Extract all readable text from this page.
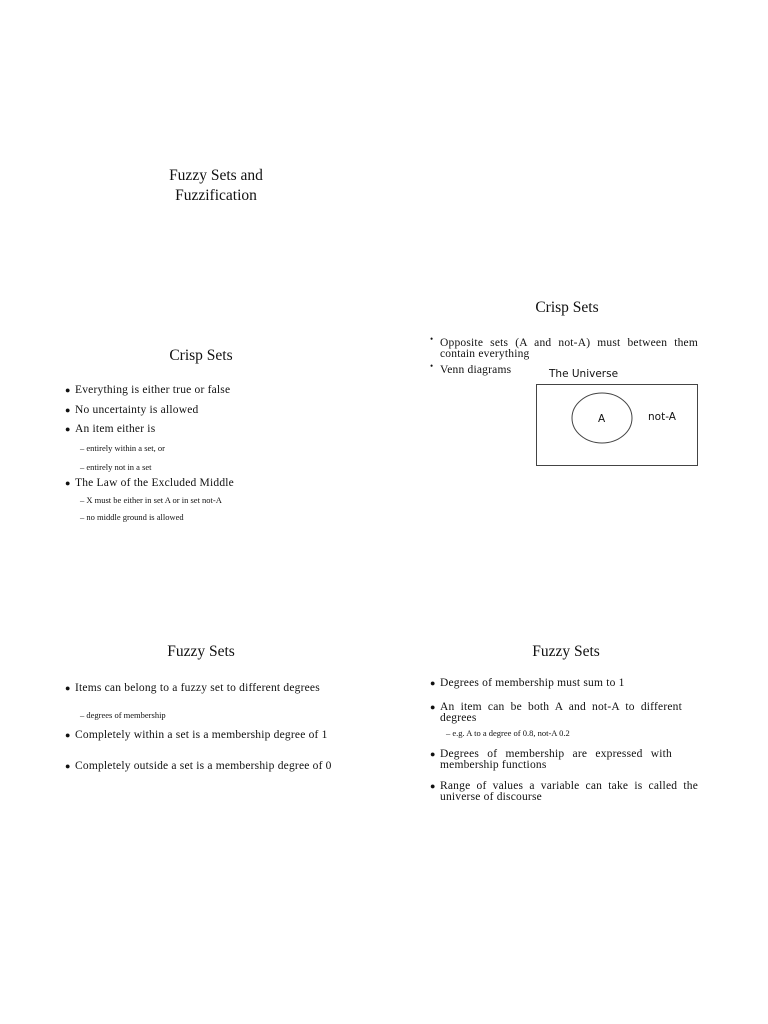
Fuzzy Sets and
Fuzzification
Crisp Sets
● Everything is either true or false
● No uncertainty is allowed
● An item either is
– entirely within a set, or
– entirely not in a set
● The Law of the Excluded Middle
– X must be either in set A or in set not-A
– no middle ground is allowed
Crisp Sets
• Opposite sets (A and not-A) must between them contain everything
• Venn diagrams	The Universe
A	not-A
Fuzzy Sets
● Items can belong to a fuzzy set to different degrees
– degrees of membership
● Completely within a set is a membership degree of 1
● Completely outside a set is a membership degree of 0
Fuzzy Sets
● Degrees of membership must sum to 1
● An item can be both A and not-A to different degrees
– e.g. A to a degree of 0.8, not-A 0.2
● Degrees of membership are expressed with membership functions
● Range of values a variable can take is called the universe of discourse
